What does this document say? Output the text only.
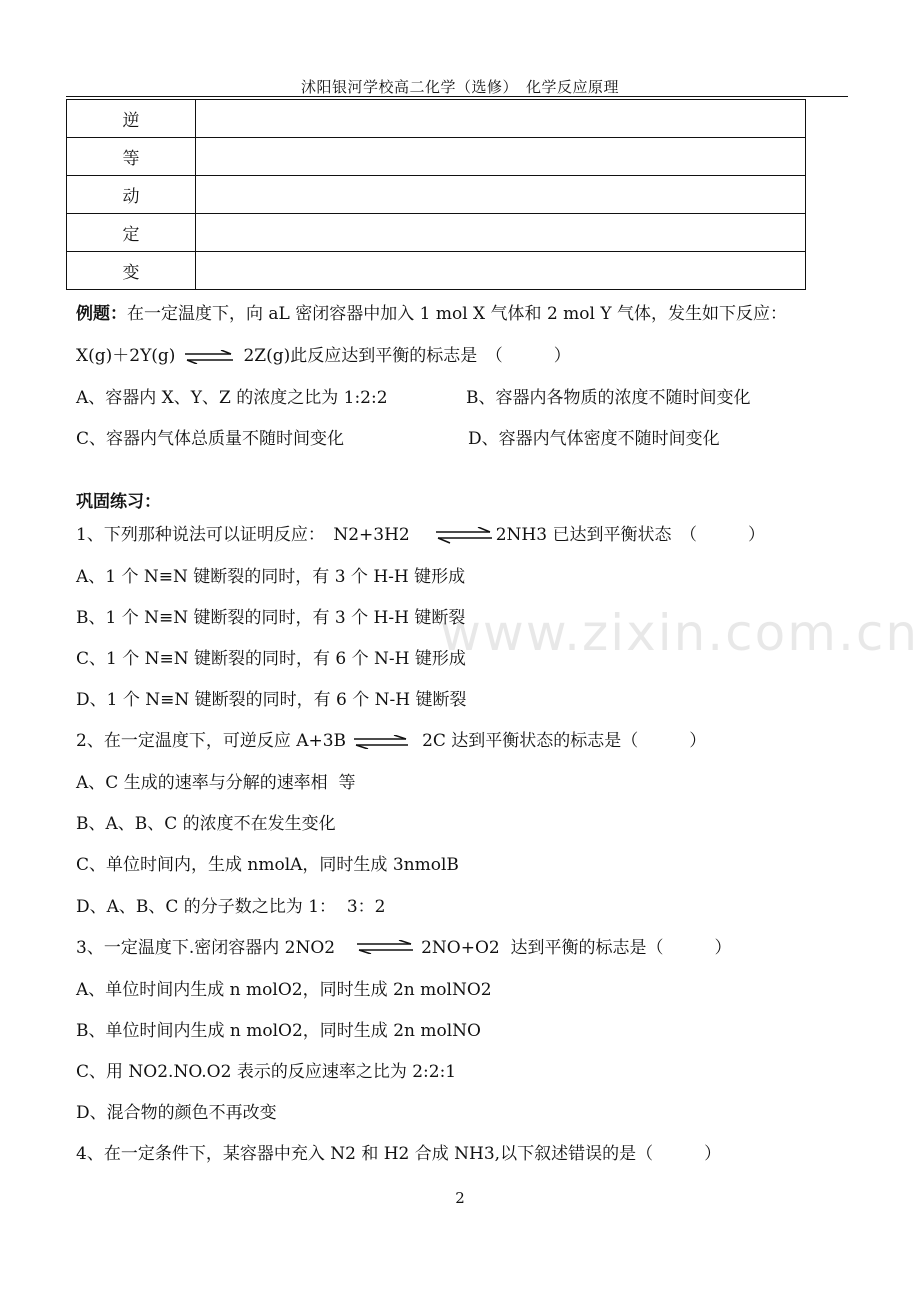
沭阳银河学校高二化学（选修）　化学反应原理
逆	
等	
动	
定	
变	
例题：在一定温度下，向 aL 密闭容器中加入 1 mol X 气体和 2 mol Y 气体，发生如下反应：
X(g)＋2Y(g) ⇌ 2Z(g)此反应达到平衡的标志是　（　　　）
A、容器内 X、Y、Z 的浓度之比为 1:2:2	B、容器内各物质的浓度不随时间变化
C、容器内气体总质量不随时间变化	D、容器内气体密度不随时间变化
巩固练习：
1、下列那种说法可以证明反应：　N2+3H2 ⇌ 2NH3 已达到平衡状态　（　　　）
A、1 个 N≡N 键断裂的同时，有 3 个 H-H 键形成
B、1 个 N≡N 键断裂的同时，有 3 个 H-H 键断裂
C、1 个 N≡N 键断裂的同时，有 6 个 N-H 键形成
D、1 个 N≡N 键断裂的同时，有 6 个 N-H 键断裂
2、在一定温度下，可逆反应 A+3B ⇌ 2C 达到平衡状态的标志是（　　　）
A、C 生成的速率与分解的速率相  等
B、A、B、C 的浓度不在发生变化
C、单位时间内，生成 nmolA，同时生成 3nmolB
D、A、B、C 的分子数之比为 1：  3：2
3、一定温度下.密闭容器内 2NO2 ⇌ 2NO+O2  达到平衡的标志是（　　　）
A、单位时间内生成 n molO2，同时生成 2n molNO2
B、单位时间内生成 n molO2，同时生成 2n molNO
C、用 NO2.NO.O2 表示的反应速率之比为 2:2:1
D、混合物的颜色不再改变
4、在一定条件下，某容器中充入 N2 和 H2 合成 NH3,以下叙述错误的是（　　　）
www.zixin.com.cn
2
